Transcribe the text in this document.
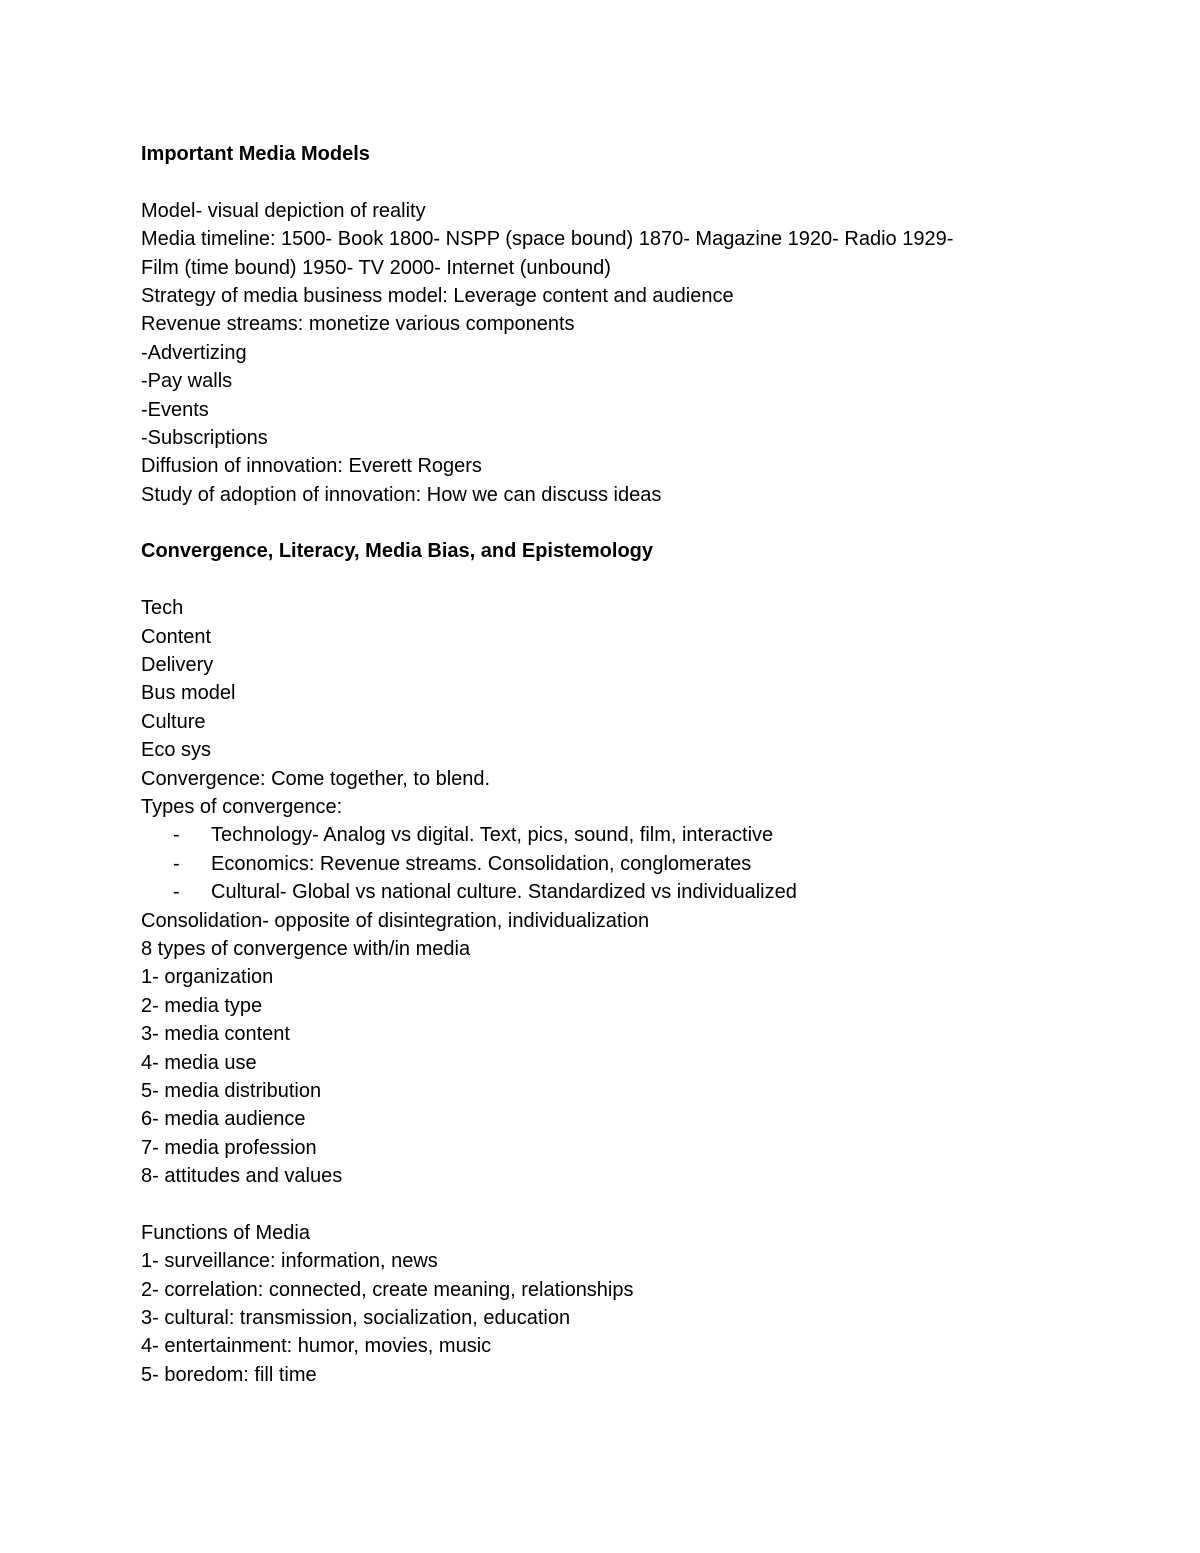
Important Media Models
Model- visual depiction of reality
Media timeline: 1500- Book 1800- NSPP (space bound) 1870- Magazine 1920- Radio 1929-
Film (time bound) 1950- TV 2000- Internet (unbound)
Strategy of media business model: Leverage content and audience
Revenue streams: monetize various components
-Advertizing
-Pay walls
-Events
-Subscriptions
Diffusion of innovation: Everett Rogers
Study of adoption of innovation: How we can discuss ideas
Convergence, Literacy, Media Bias, and Epistemology
Tech
Content
Delivery
Bus model
Culture
Eco sys
Convergence: Come together, to blend.
Types of convergence:
- Technology- Analog vs digital. Text, pics, sound, film, interactive
- Economics: Revenue streams. Consolidation, conglomerates
- Cultural- Global vs national culture. Standardized vs individualized
Consolidation- opposite of disintegration, individualization
8 types of convergence with/in media
1- organization
2- media type
3- media content
4- media use
5- media distribution
6- media audience
7- media profession
8- attitudes and values
Functions of Media
1- surveillance: information, news
2- correlation: connected, create meaning, relationships
3- cultural: transmission, socialization, education
4- entertainment: humor, movies, music
5- boredom: fill time
